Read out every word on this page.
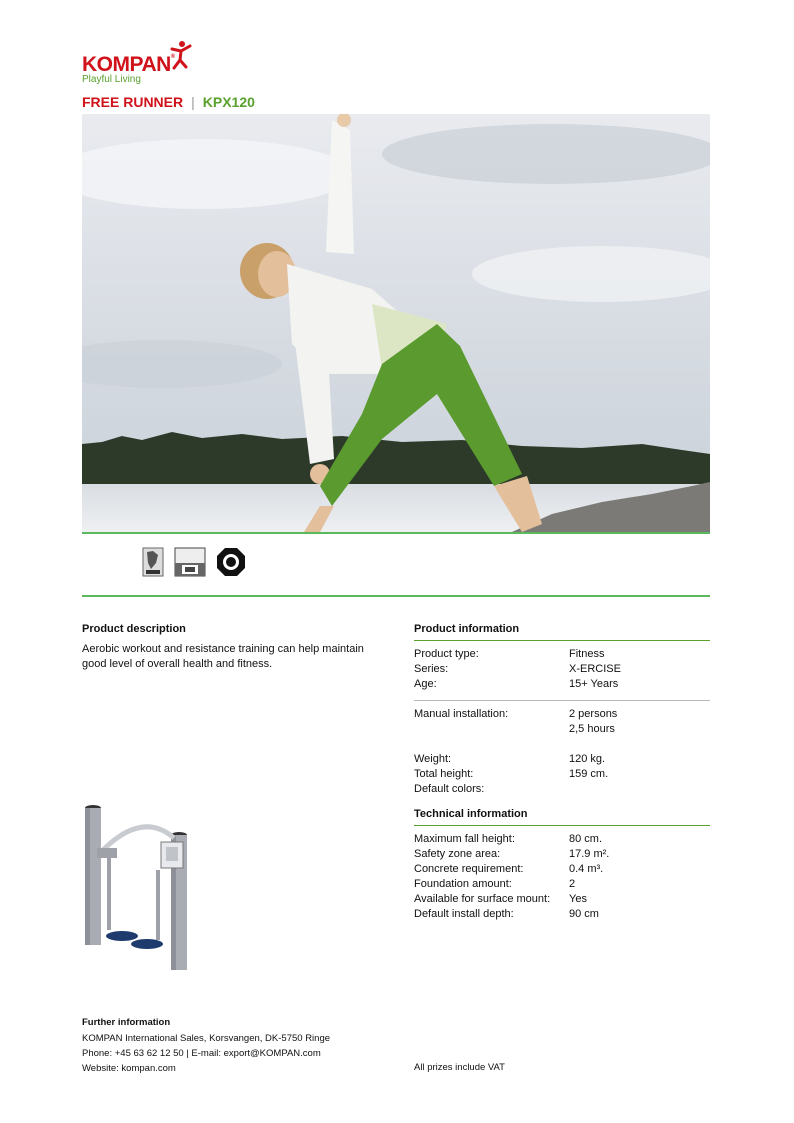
KOMPAN®
Playful Living
FREE RUNNER | KPX120
Product description
Aerobic workout and resistance training can help maintain good level of overall health and fitness.
Product information
Product type:	Fitness
Series:	X-ERCISE
Age:	15+ Years
Manual installation:	2 persons
2,5 hours
Weight:	120 kg.
Total height:	159 cm.
Default colors:
Technical information
Maximum fall height:	80 cm.
Safety zone area:	17.9 m².
Concrete requirement:	0.4 m³.
Foundation amount:	2
Available for surface mount: Yes
Default install depth:	90 cm
Further information
KOMPAN International Sales, Korsvangen, DK-5750 Ringe
Phone: +45 63 62 12 50 | E-mail: export@KOMPAN.com
Website: kompan.com	All prizes include VAT
